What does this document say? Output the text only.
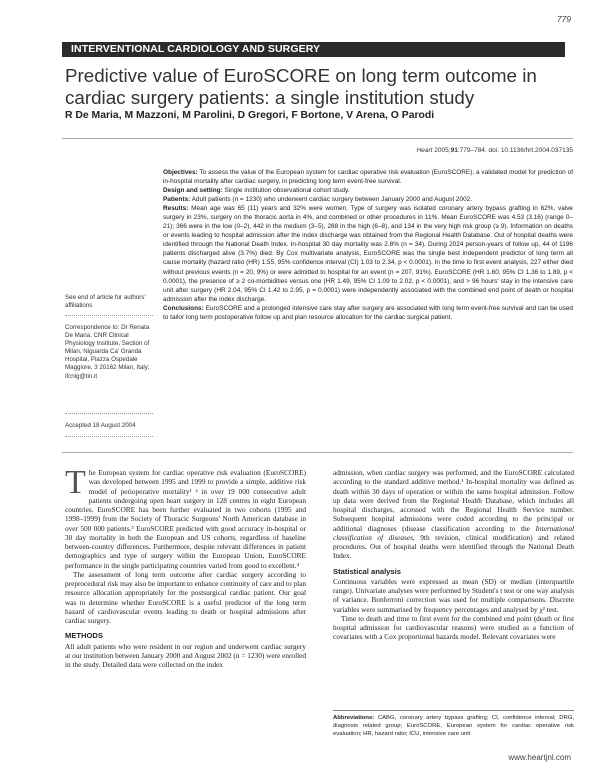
779
INTERVENTIONAL CARDIOLOGY AND SURGERY
Predictive value of EuroSCORE on long term outcome in
cardiac surgery patients: a single institution study
R De Maria, M Mazzoni, M Parolini, D Gregori, F Bortone, V Arena, O Parodi
Heart 2005;91:779–784. doi: 10.1136/hrt.2004.037135

Objectives: To assess the value of the European system for cardiac operative risk evaluation (EuroSCORE), a validated model for prediction of in-hospital mortality after cardiac surgery, in predicting long term event-free survival.

Design and setting: Single institution observational cohort study.

Patients: Adult patients (n = 1230) who underwent cardiac surgery between January 2000 and August 2002.

Results: Mean age was 65 (11) years and 32% were women. Type of surgery was isolated coronary artery bypass grafting in 62%, valve surgery in 23%, surgery on the thoracic aorta in 4%, and combined or other procedures in 11%. Mean EuroSCORE was 4.53 (3.16) (range 0–21); 366 were in the low (0–2), 442 in the medium (3–5), 288 in the high (6–8), and 134 in the very high risk group (≥ 9). Information on deaths or events leading to hospital admission after the index discharge was obtained from the Regional Health Database. Out of hospital deaths were identified through the National Death Index. In-hospital 30 day mortality was 2.8% (n = 34). During 2024 person-years of follow up, 44 of 1196 patients discharged alive (3.7%) died. By Cox multivariate analysis, EuroSCORE was the single best independent predictor of long term all cause mortality (hazard ratio (HR) 1.55, 95% confidence interval (CI) 1.03 to 2.34, p < 0.0001). In the time to first event analysis, 227 either died without previous events (n = 20, 9%) or were admitted to hospital for an event (n = 207, 91%). EuroSCORE (HR 1.60, 95% CI 1.36 to 1.89, p < 0.0001), the presence of ≥ 2 co-morbidities versus one (HR 1.49, 95% CI 1.09 to 2.02, p < 0.0001), and > 96 hours' stay in the intensive care unit after surgery (HR 2.04, 95% CI 1.42 to 2.95, p = 0.0001) were independently associated with the combined end point of death or hospital admission after the index discharge.

Conclusions: EuroSCORE and a prolonged intensive care stay after surgery are associated with long term event-free survival and can be used to tailor long term postoperative follow up and plan resource allocation for the cardiac surgical patient.

See end of article for authors' affiliations
Correspondence to: Dr Renata De Maria, CNR Clinical Physiology Institute, Section of Milan, Niguarda Ca' Granda Hospital, Piazza Ospedale Maggiore, 3 20162 Milan, Italy; ifcnig@tin.it
Accepted 18 August 2004

The European system for cardiac operative risk evaluation (EuroSCORE) was developed between 1995 and 1999 to provide a simple, additive risk model of perioperative mortality¹ ² in over 19 000 consecutive adult patients undergoing open heart surgery in 128 centres in eight European countries. EuroSCORE has been further evaluated in two cohorts (1995 and 1998–1999) from the Society of Thoracic Surgeons' North American database in over 500 000 patients.³ EuroSCORE predicted with good accuracy in-hospital or 30 day mortality in both the European and US cohorts, regardless of baseline between-country differences. Furthermore, despite relevant differences in patient demographics and type of surgery within the European Union, EuroSCORE performance in the single participating countries varied from good to excellent.⁴

The assessment of long term outcome after cardiac surgery according to preprocedural risk may also be important to enhance continuity of care and to plan resource allocation appropriately for the postsurgical cardiac patient. Our goal was to determine whether EuroSCORE is a useful predictor of the long term hazard of cardiovascular events leading to death or hospital admissions after cardiac surgery.

METHODS

All adult patients who were resident in our region and underwent cardiac surgery at our institution between January 2000 and August 2002 (n = 1230) were enrolled in the study. Detailed data were collected on the index

admission, when cardiac surgery was performed, and the EuroSCORE calculated according to the standard additive method.¹ In-hospital mortality was defined as death within 30 days of operation or within the same hospital admission. Follow up data were derived from the Regional Health Database, which includes all hospital discharges, accessed with the Regional Health Service number. Subsequent hospital admissions were coded according to the principal or additional diagnoses (disease classification according to the International classification of diseases, 9th revision, clinical modification) and related procedures. Out of hospital deaths were identified through the National Death Index.

Statistical analysis

Continuous variables were expressed as mean (SD) or median (interquartile range). Univariate analyses were performed by Student's t test or one way analysis of variance. Bonferroni correction was used for multiple comparisons. Discrete variables were summarised by frequency percentages and analysed by χ² test.

Time to death and time to first event for the combined end point (death or first hospital admission for cardiovascular reasons) were studied as a function of covariates with a Cox proportional hazards model. Relevant covariates were

Abbreviations: CABG, coronary artery bypass grafting; CI, confidence interval; DRG, diagnosis related group; EuroSCORE, European system for cardiac operative risk evaluation; HR, hazard ratio; ICU, intensive care unit
www.heartjnl.com
